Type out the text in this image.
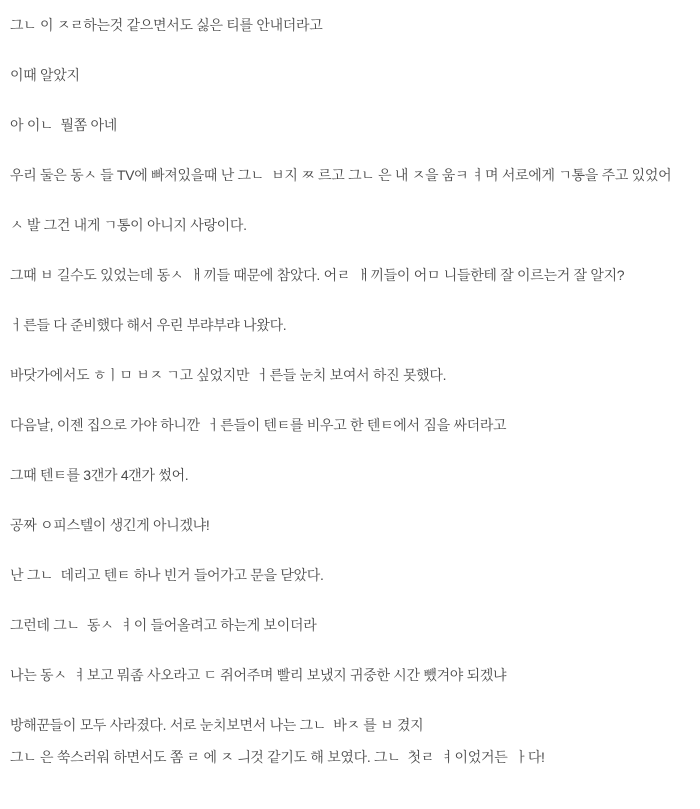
그ㄴ 이 ㅈㄹ하는것 같으면서도 싫은 티를 안내더라고

이때 알았지

아 이ㄴ  뭘쫌 아네

우리 둘은 동ㅅ 들 TV에 빠져있을때 난 그ㄴ  ㅂ지 ㅉ 르고 그ㄴ 은 내 ㅈ을 움ㅋ ㅕ며 서로에게 ㄱ통을 주고 있었어

ㅅ 발 그건 내게 ㄱ통이 아니지 사랑이다.

그때 ㅂ 길수도 있었는데 동ㅅ  ㅐ끼들 때문에 참았다. 어ㄹ  ㅐ끼들이 어ㅁ 니들한테 잘 이르는거 잘 알지?

ㅓ른들 다 준비했다 해서 우린 부랴부랴 나왔다.

바닷가에서도 ㅎㅣㅁ ㅂㅈ ㄱ고 싶었지만  ㅓ른들 눈치 보여서 하진 못했다.

다음날, 이젠 집으로 가야 하니깐  ㅓ른들이 텐ㅌ를 비우고 한 텐ㅌ에서 짐을 싸더라고

그때 텐ㅌ를 3갠가 4갠가 썼어.

공짜 ㅇ피스텔이 생긴게 아니겠냐!

난 그ㄴ  데리고 텐ㅌ 하나 빈거 들어가고 문을 닫았다.

그런데 그ㄴ  동ㅅ  ㅕ이 들어올려고 하는게 보이더라

나는 동ㅅ  ㅕ보고 뭐좀 사오라고 ㄷ 쥐어주며 빨리 보냈지 귀중한 시간 뺐겨야 되겠냐

방해꾼들이 모두 사라졌다. 서로 눈치보면서 나는 그ㄴ  바ㅈ 를 ㅂ 겼지

그ㄴ 은 쑥스러워 하면서도 쫌 ㄹ 에 ㅈ ㅢ것 같기도 해 보였다. 그ㄴ  첫ㄹ  ㅕ이었거든  ㅏ다!
